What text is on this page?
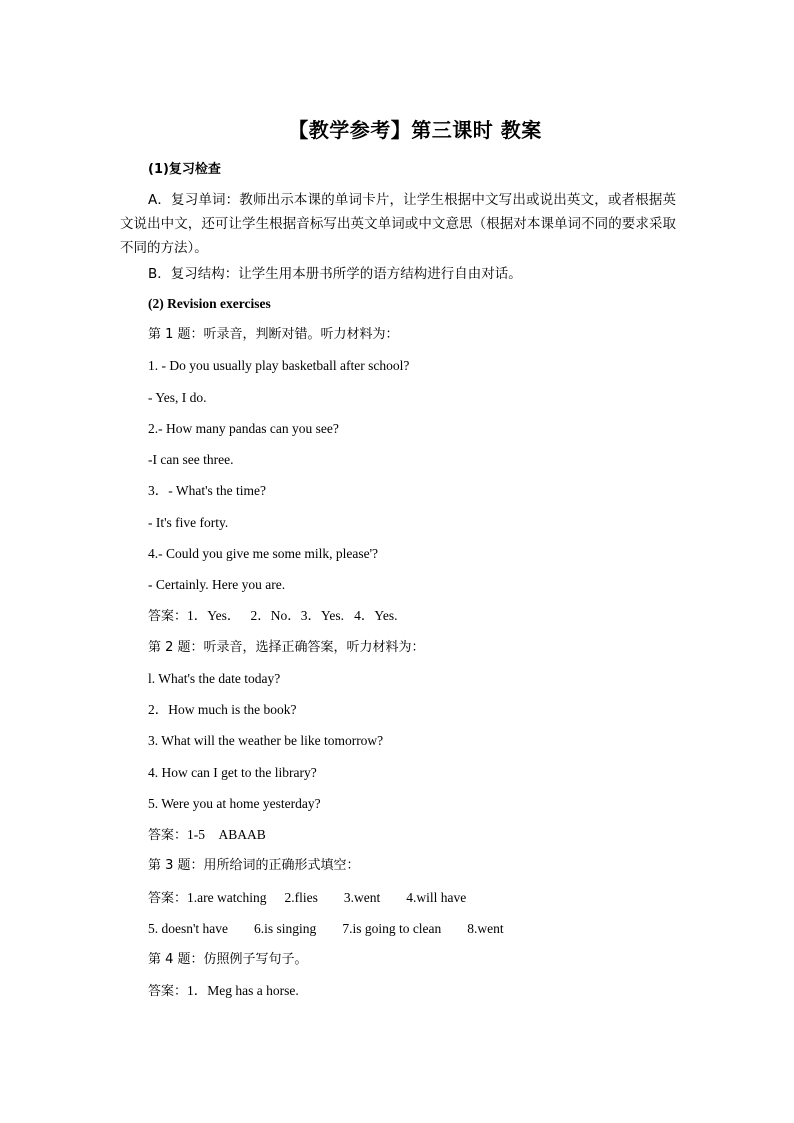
【教学参考】第三课时 教案
(1)复习检查
A．复习单词：教师出示本课的单词卡片，让学生根据中文写出或说出英文，或者根据英文说出中文，还可让学生根据音标写出英文单词或中文意思（根据对本课单词不同的要求采取不同的方法）。
B．复习结构：让学生用本册书所学的语方结构进行自由对话。
(2) Revision exercises
第 1 题：听录音，判断对错。听力材料为：
1. - Do you usually play basketball after school?
- Yes, I do.
2.- How many pandas can you see?
-I can see three.
3．- What's the time?
- It's five forty.
4.- Could you give me some milk, please'?
- Certainly. Here you are.
答案：1．Yes．   2．No．3．Yes.   4．Yes.
第 2 题：听录音，选择正确答案，听力材料为：
l. What's the date today?
2．How much is the book?
3. What will the weather be like tomorrow?
4. How can I get to the library?
5. Were you at home yesterday?
答案：1-5    ABAAB
第 3 题：用所给词的正确形式填空：
答案：1.are watching 2.flies 3.went 4.will have
5. doesn't have 6.is singing 7.is going to clean 8.went
第 4 题：仿照例子写句子。
答案：1．Meg has a horse.
